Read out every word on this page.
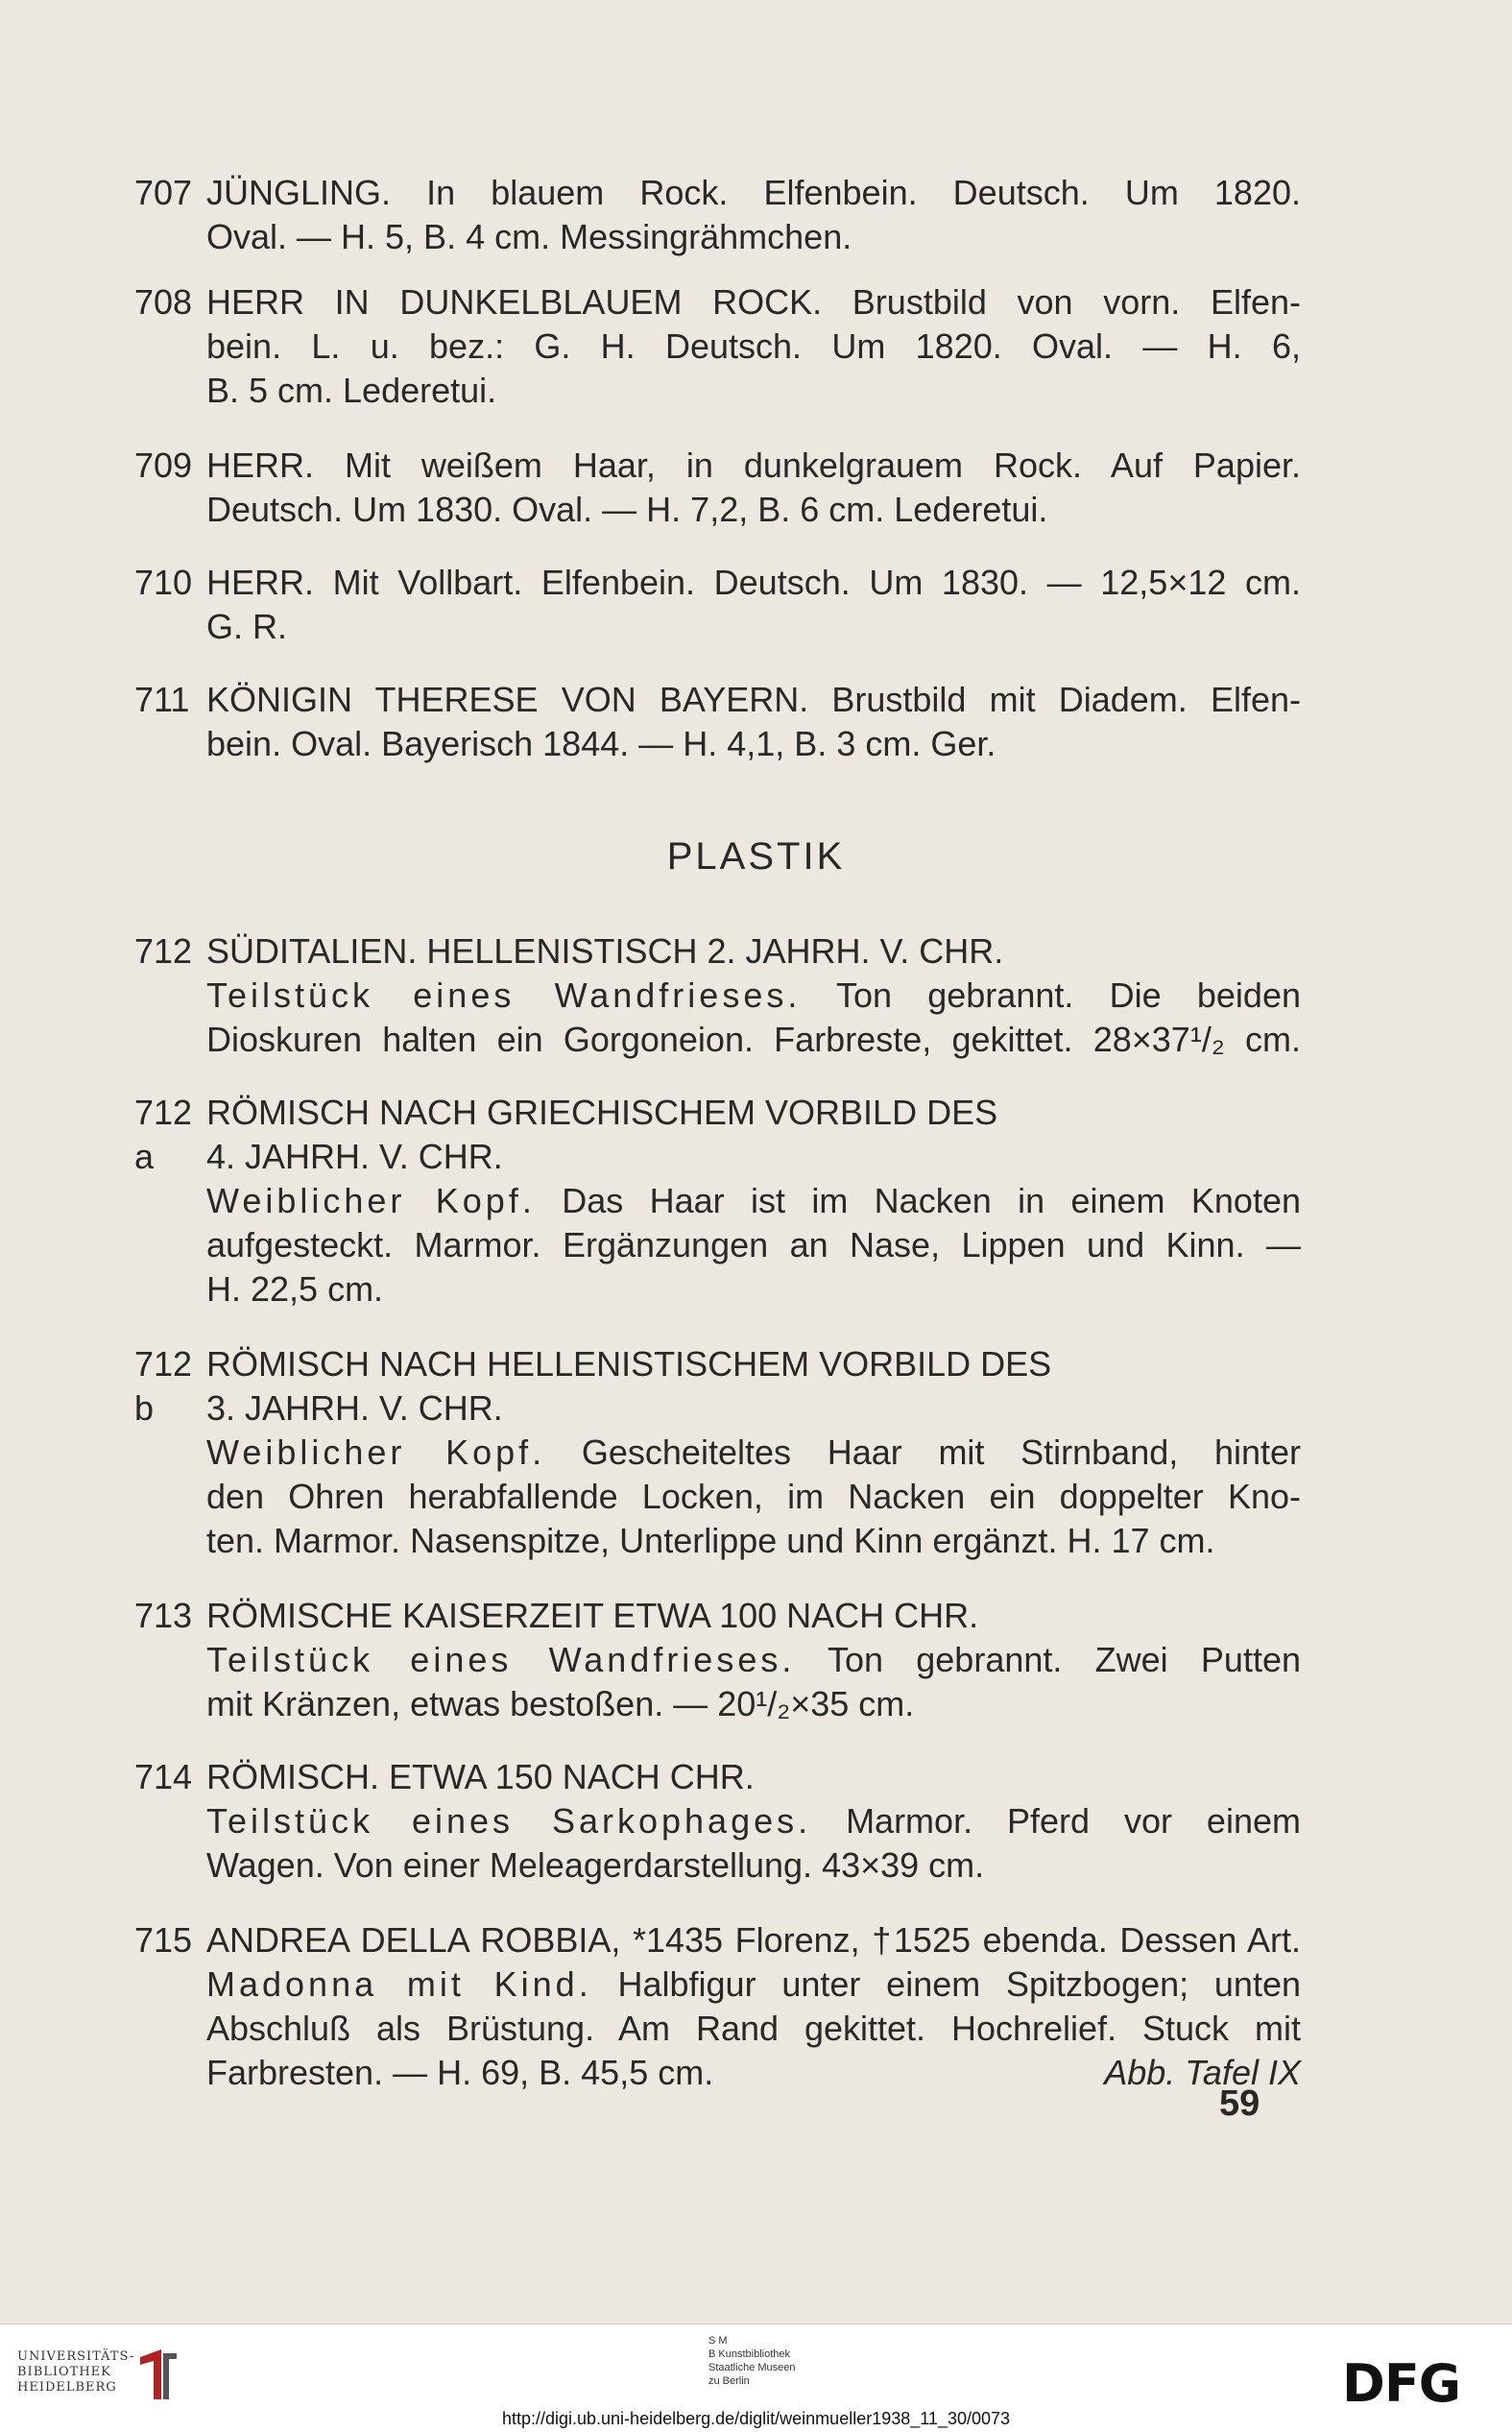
707 JÜNGLING. In blauem Rock. Elfenbein. Deutsch. Um 1820.

Oval. — H. 5, B. 4 cm. Messingrähmchen.

708 HERR IN DUNKELBLAUEM ROCK. Brustbild von vorn. Elfen-

bein. L. u. bez.: G. H. Deutsch. Um 1820. Oval. — H. 6,

B. 5 cm. Lederetui.

709 HERR. Mit weißem Haar, in dunkelgrauem Rock. Auf Papier.

Deutsch. Um 1830. Oval. — H. 7,2, B. 6 cm. Lederetui.

710 HERR. Mit Vollbart. Elfenbein. Deutsch. Um 1830. — 12,5×12 cm.

G. R.

711 KÖNIGIN THERESE VON BAYERN. Brustbild mit Diadem. Elfen-

bein. Oval. Bayerisch 1844. — H. 4,1, B. 3 cm. Ger.

PLASTIK
712 SÜDITALIEN. HELLENISTISCH 2. JAHRH. V. CHR.

Teilstück eines Wandfrieses. Ton gebrannt. Die beiden

Dioskuren halten ein Gorgoneion. Farbreste, gekittet. 28×37¹/₂ cm.

712 a

RÖMISCH NACH GRIECHISCHEM VORBILD DES

4. JAHRH. V. CHR.

Weiblicher Kopf. Das Haar ist im Nacken in einem Knoten

aufgesteckt. Marmor. Ergänzungen an Nase, Lippen und Kinn. —

H. 22,5 cm.

712 b

RÖMISCH NACH HELLENISTISCHEM VORBILD DES

3. JAHRH. V. CHR.

Weiblicher Kopf. Gescheiteltes Haar mit Stirnband, hinter

den Ohren herabfallende Locken, im Nacken ein doppelter Kno-

ten. Marmor. Nasenspitze, Unterlippe und Kinn ergänzt. H. 17 cm.

713 RÖMISCHE KAISERZEIT ETWA 100 NACH CHR.

Teilstück eines Wandfrieses. Ton gebrannt. Zwei Putten

mit Kränzen, etwas bestoßen. — 20¹/₂×35 cm.

714 RÖMISCH. ETWA 150 NACH CHR.

Teilstück eines Sarkophages. Marmor. Pferd vor einem

Wagen. Von einer Meleagerdarstellung. 43×39 cm.

715 ANDREA DELLA ROBBIA, *1435 Florenz, †1525 ebenda. Dessen Art.

Madonna mit Kind. Halbfigur unter einem Spitzbogen; unten

Abschluß als Brüstung. Am Rand gekittet. Hochrelief. Stuck mit

Farbresten. — H. 69, B. 45,5 cm.	Abb. Tafel IX

59
UNIVERSITÄTS-
BIBLIOTHEK
HEIDELBERG
S M
B Kunstbibliothek
Staatliche Museen
zu Berlin	DFG
http://digi.ub.uni-heidelberg.de/diglit/weinmueller1938_11_30/0073
